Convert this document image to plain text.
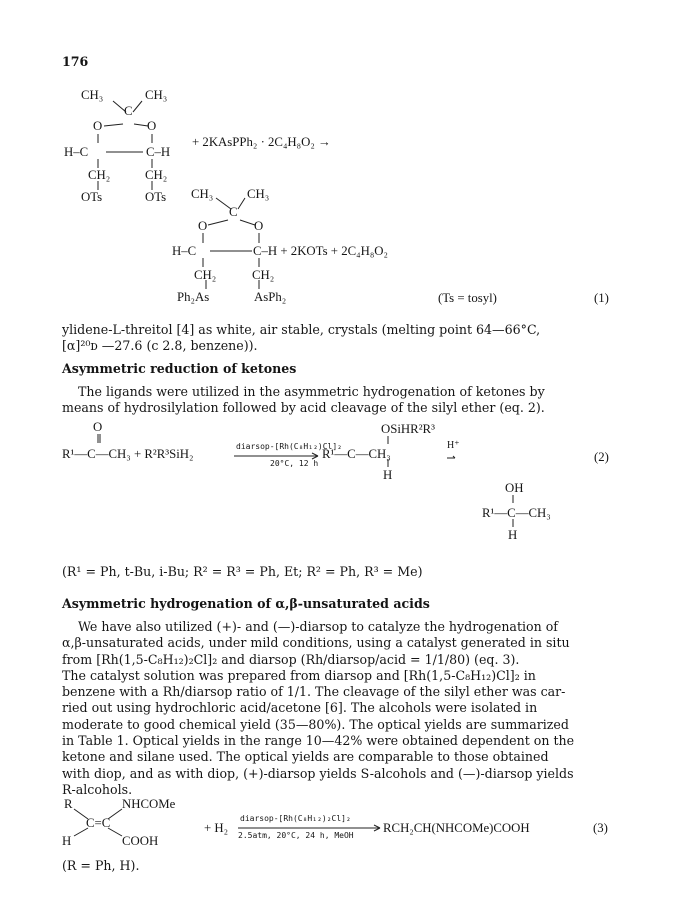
176
CH₃	CH₃
C
O	O
H–C	C–H
CH₂	CH₂
OTs	OTs
+ 2KAsPPh₂ · 2C₄H₈O₂ →
CH₃	CH₃
C
O	O
H–C	C–H + 2KOTs + 2C₄H₈O₂
CH₂	CH₂
Ph₂As	AsPh₂	(Ts = tosyl)	(1)
ylidene-L-threitol [4] as white, air stable, crystals (melting point 64—66°C,
[α]²⁰ᴅ —27.6 (c 2.8, benzene)).
Asymmetric reduction of ketones
The ligands were utilized in the asymmetric hydrogenation of ketones by
means of hydrosilylation followed by acid cleavage of the silyl ether (eq. 2).
O
R¹—C—CH₃ + R²R³SiH₂
diarsop-[Rh(C₈H₁₂)Cl]₂
20°C, 12 h
OSiHR²R³
R¹—C—CH₃
H
H⁺
(2)
OH
R¹—C—CH₃
H
(R¹ = Ph, t-Bu, i-Bu; R² = R³ = Ph, Et; R² = Ph, R³ = Me)
Asymmetric hydrogenation of α,β-unsaturated acids
We have also utilized (+)- and (—)-diarsop to catalyze the hydrogenation of
α,β-unsaturated acids, under mild conditions, using a catalyst generated in situ
from [Rh(1,5-C₈H₁₂)₂Cl]₂ and diarsop (Rh/diarsop/acid = 1/1/80) (eq. 3).
The catalyst solution was prepared from diarsop and [Rh(1,5-C₈H₁₂)Cl]₂ in
benzene with a Rh/diarsop ratio of 1/1. The cleavage of the silyl ether was car-
ried out using hydrochloric acid/acetone [6]. The alcohols were isolated in
moderate to good chemical yield (35—80%). The optical yields are summarized
in Table 1. Optical yields in the range 10—42% were obtained dependent on the
ketone and silane used. The optical yields are comparable to those obtained
with diop, and as with diop, (+)-diarsop yields S-alcohols and (—)-diarsop yields
R-alcohols.
R	NHCOMe
C=C
H	COOH
+ H₂
diarsop-[Rh(C₈H₁₂)₂Cl]₂
2.5atm, 20°C, 24 h, MeOH
RCH₂CH(NHCOMe)COOH	(3)
(R = Ph, H).
